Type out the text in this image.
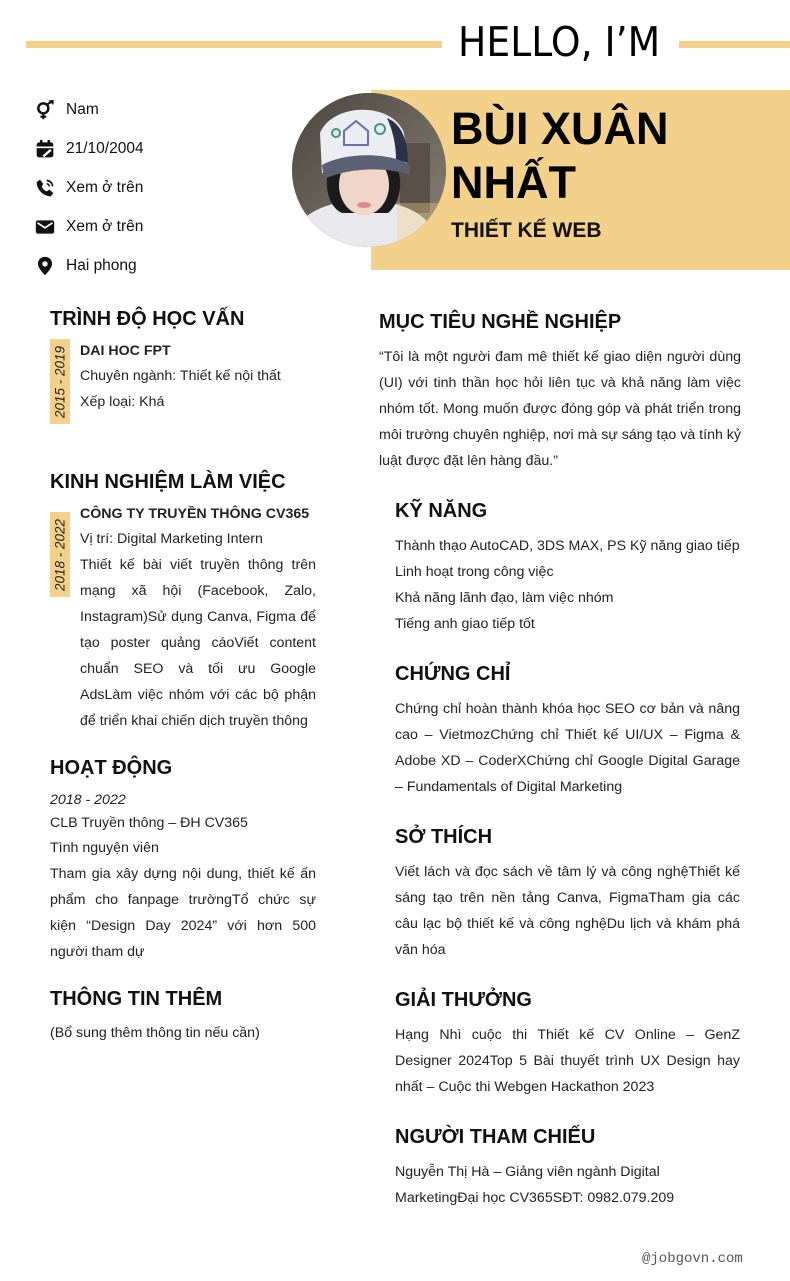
HELLO, I’M
Nam
21/10/2004
Xem ở trên
Xem ở trên
Hai phong
BÙI XUÂN NHẤT
THIẾT KẾ WEB
TRÌNH ĐỘ HỌC VẤN
2015 - 2019 DAI HOC FPT
Chuyên ngành: Thiết kế nội thất
Xếp loại: Khá
KINH NGHIỆM LÀM VIỆC
2018 - 2022
CÔNG TY TRUYỀN THÔNG CV365
Vị trí: Digital Marketing Intern
Thiết kế bài viết truyền thông trên mạng xã hội (Facebook, Zalo, Instagram)Sử dụng Canva, Figma để tạo poster quảng cáoViết content chuẩn SEO và tối ưu Google AdsLàm việc nhóm với các bộ phận để triển khai chiến dịch truyền thông
HOẠT ĐỘNG
2018 - 2022
CLB Truyền thông – ĐH CV365
Tình nguyện viên
Tham gia xây dựng nội dung, thiết kế ấn phẩm cho fanpage trườngTổ chức sự kiện “Design Day 2024” với hơn 500 người tham dự
THÔNG TIN THÊM
(Bổ sung thêm thông tin nếu cần)
MỤC TIÊU NGHỀ NGHIỆP
“Tôi là một người đam mê thiết kế giao diện người dùng (UI) với tinh thần học hỏi liên tục và khả năng làm việc nhóm tốt. Mong muốn được đóng góp và phát triển trong môi trường chuyên nghiệp, nơi mà sự sáng tạo và tính kỷ luật được đặt lên hàng đầu.”
KỸ NĂNG
Thành thạo AutoCAD, 3DS MAX, PS Kỹ năng giao tiếp
Linh hoạt trong công việc
Khả năng lãnh đạo, làm việc nhóm
Tiếng anh giao tiếp tốt
CHỨNG CHỈ
Chứng chỉ hoàn thành khóa học SEO cơ bản và nâng cao – VietmozChứng chỉ Thiết kế UI/UX – Figma & Adobe XD – CoderXChứng chỉ Google Digital Garage – Fundamentals of Digital Marketing
SỞ THÍCH
Viết lách và đọc sách về tâm lý và công nghệThiết kế sáng tạo trên nền tảng Canva, FigmaTham gia các câu lạc bộ thiết kế và công nghệDu lịch và khám phá văn hóa
GIẢI THƯỞNG
Hạng Nhì cuộc thi Thiết kế CV Online – GenZ Designer 2024Top 5 Bài thuyết trình UX Design hay nhất – Cuộc thi Webgen Hackathon 2023
NGƯỜI THAM CHIẾU
Nguyễn Thị Hà – Giảng viên ngành Digital MarketingĐại học CV365SĐT: 0982.079.209
@jobgovn.com
